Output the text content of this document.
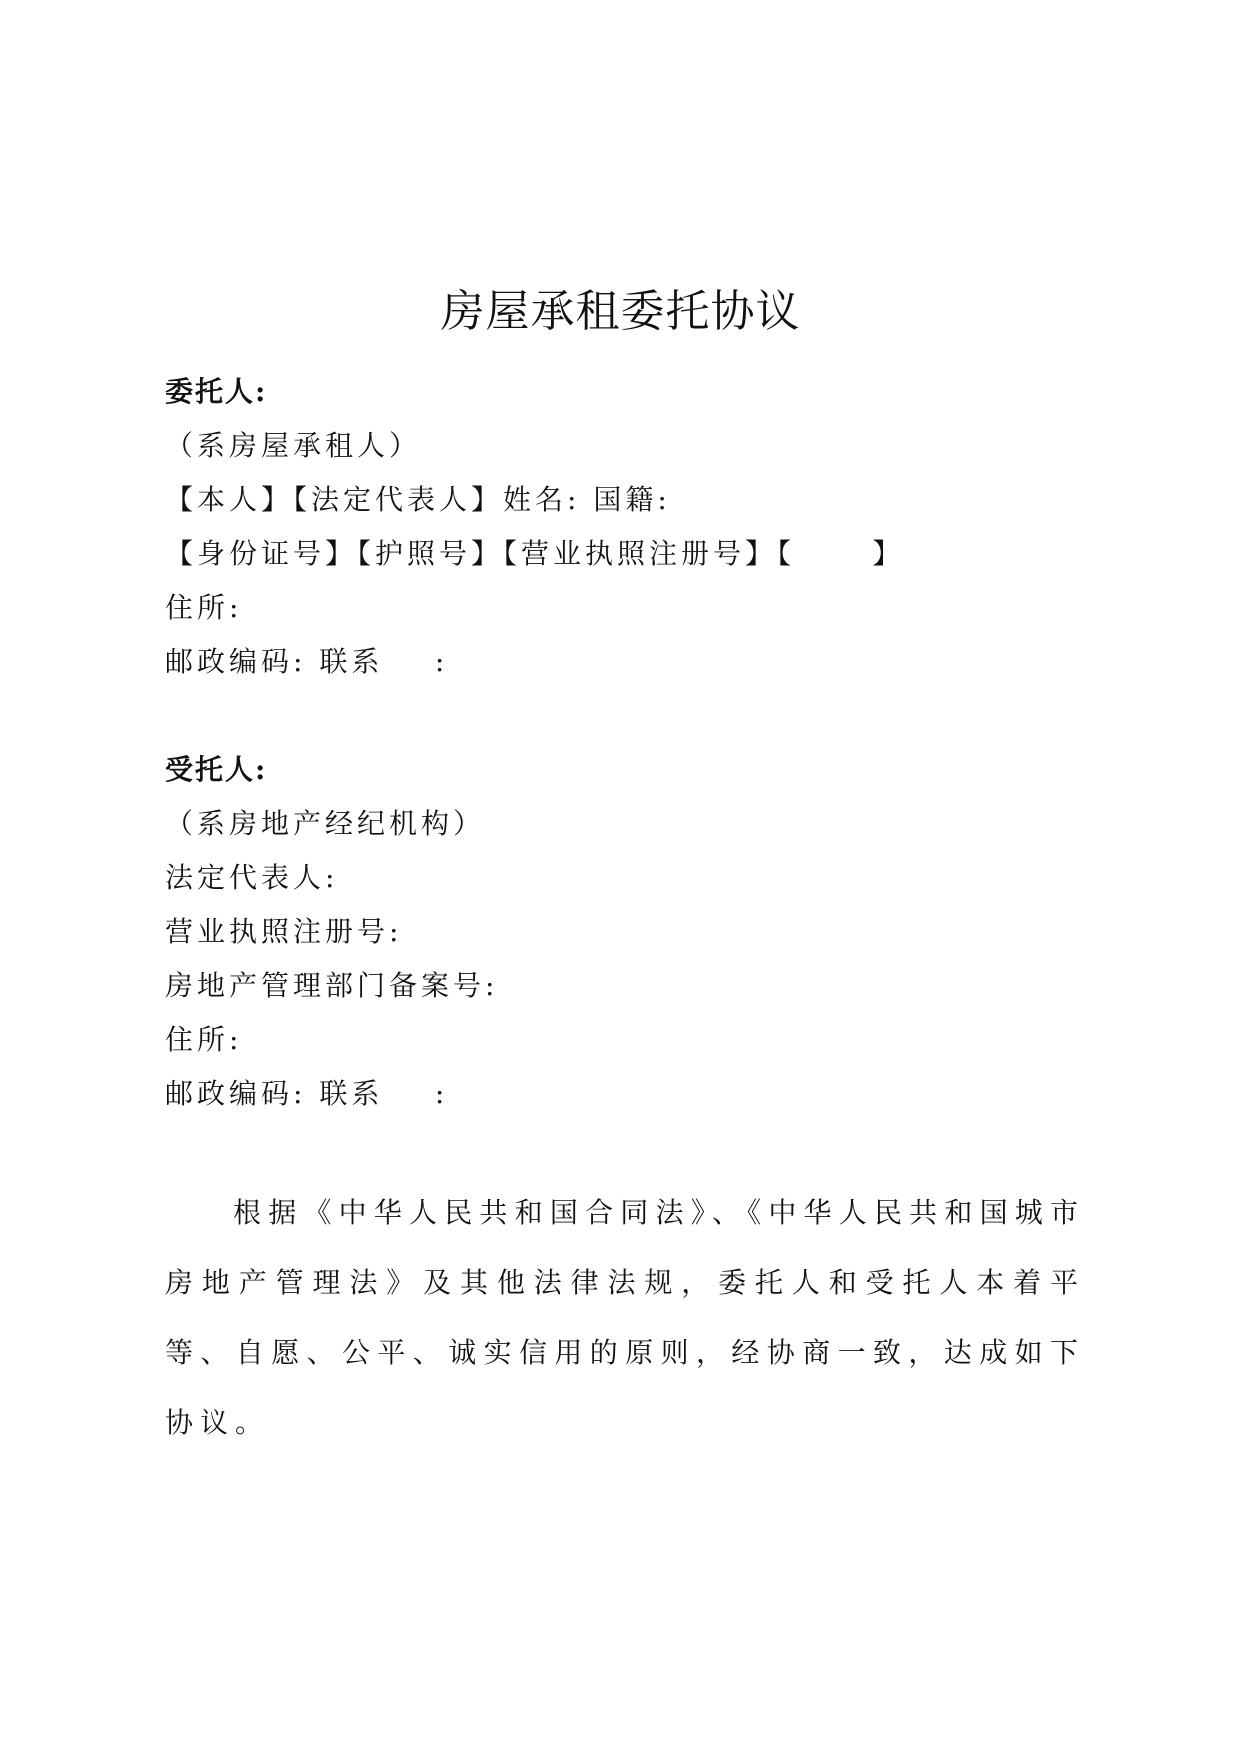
房屋承租委托协议
委托人:
（系房屋承租人）
【本人】【法定代表人】姓名: 国籍:
【身份证号】【护照号】【营业执照注册号】【      】
住所:
邮政编码: 联系    :
受托人:
（系房地产经纪机构）
法定代表人:
营业执照注册号:
房地产管理部门备案号:
住所:
邮政编码: 联系    :
根据《中华人民共和国合同法》、《中华人民共和国城市房地产管理法》及其他法律法规，委托人和受托人本着平等、自愿、公平、诚实信用的原则，经协商一致，达成如下协议。
